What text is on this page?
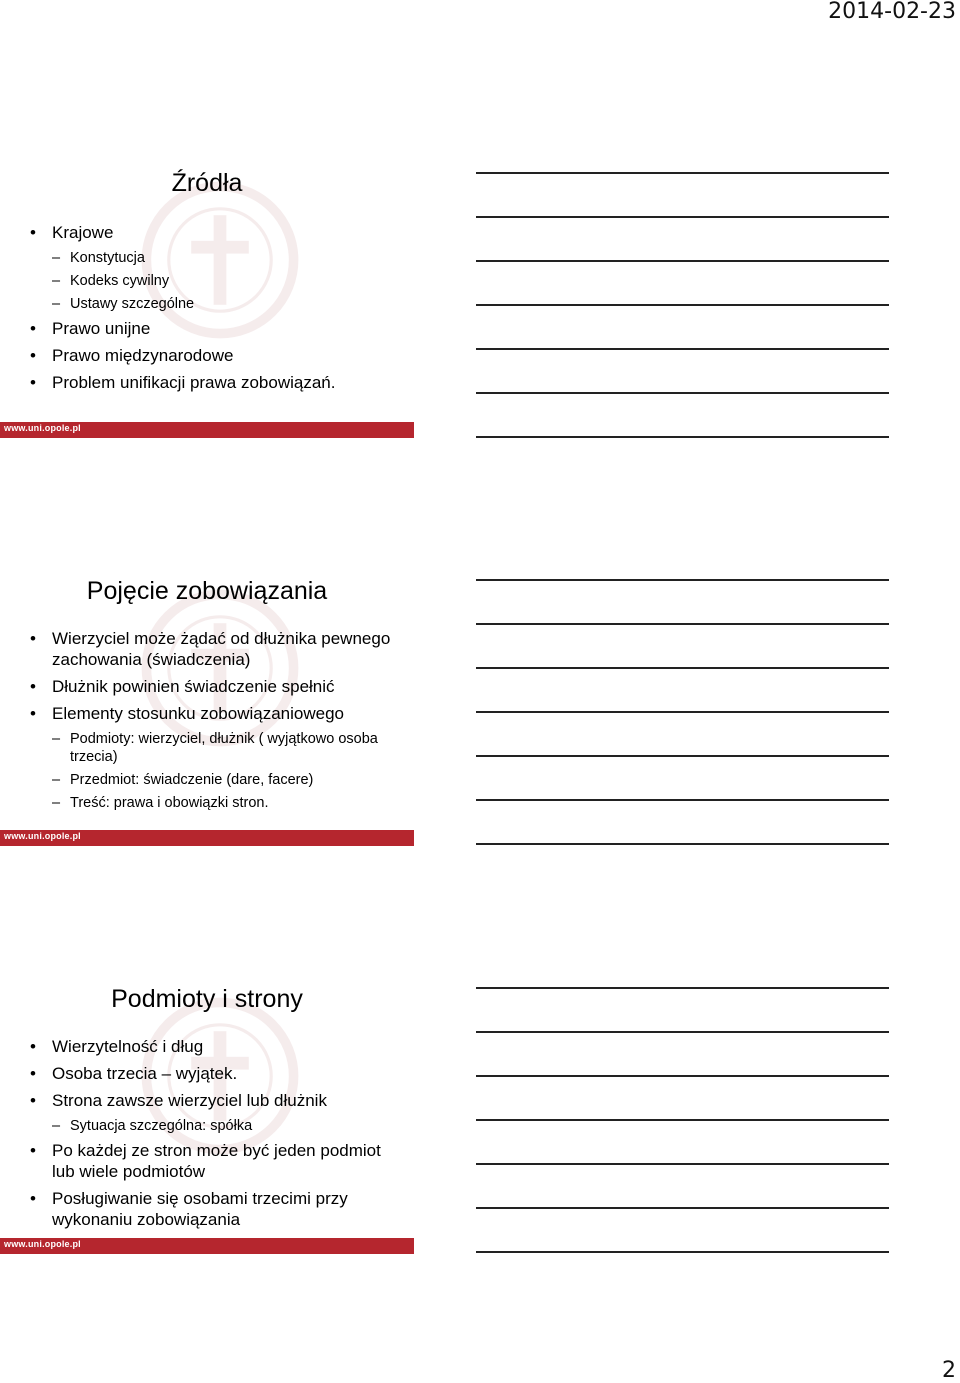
2014-02-23
Źródła
• Krajowe
– Konstytucja
– Kodeks cywilny
– Ustawy szczególne
• Prawo unijne
• Prawo międzynarodowe
• Problem unifikacji prawa zobowiązań.
www.uni.opole.pl
Pojęcie zobowiązania
• Wierzyciel może żądać od dłużnika pewnego zachowania (świadczenia)
• Dłużnik powinien świadczenie spełnić
• Elementy stosunku zobowiązaniowego
– Podmioty: wierzyciel, dłużnik ( wyjątkowo osoba trzecia)
– Przedmiot: świadczenie (dare, facere)
– Treść: prawa i obowiązki stron.
www.uni.opole.pl
Podmioty i strony
• Wierzytelność i dług
• Osoba trzecia – wyjątek.
• Strona zawsze wierzyciel lub dłużnik
– Sytuacja szczególna: spółka
• Po każdej ze stron może być jeden podmiot lub wiele podmiotów
• Posługiwanie się osobami trzecimi przy wykonaniu zobowiązania
www.uni.opole.pl
2
